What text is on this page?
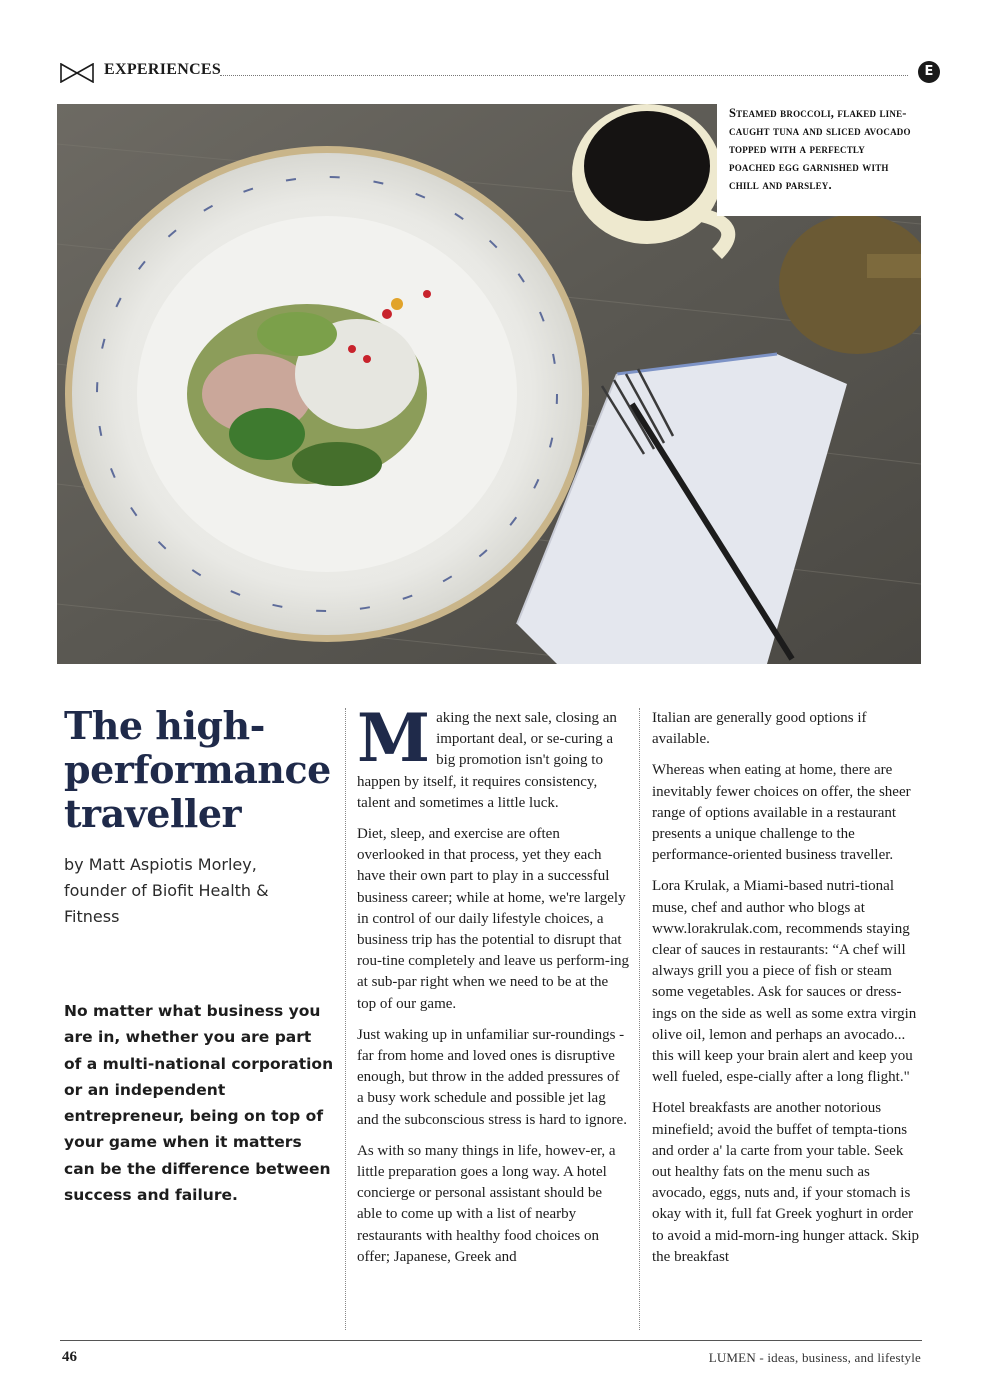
EXPERIENCES	E
Steamed broccoli, flaked line-caught tuna and sliced avocado topped with a perfectly poached egg garnished with chill and parsley.
The high-performance traveller

by Matt Aspiotis Morley, founder of Biofit Health & Fitness

No matter what business you are in, whether you are part of a multi-national corporation or an independent entrepreneur, being on top of your game when it matters can be the difference between success and failure.

Making the next sale, closing an important deal, or se-curing a big promotion isn't going to happen by itself, it requires consistency, talent and sometimes a little luck.

Diet, sleep, and exercise are often overlooked in that process, yet they each have their own part to play in a successful business career; while at home, we're largely in control of our daily lifestyle choices, a business trip has the potential to disrupt that rou-tine completely and leave us perform-ing at sub-par right when we need to be at the top of our game.

Just waking up in unfamiliar sur-roundings - far from home and loved ones is disruptive enough, but throw in the added pressures of a busy work schedule and possible jet lag and the subconscious stress is hard to ignore.

As with so many things in life, howev-er, a little preparation goes a long way. A hotel concierge or personal assistant should be able to come up with a list of nearby restaurants with healthy food choices on offer; Japanese, Greek and

Italian are generally good options if available.

Whereas when eating at home, there are inevitably fewer choices on offer, the sheer range of options available in a restaurant presents a unique challenge to the performance-oriented business traveller.

Lora Krulak, a Miami-based nutri-tional muse, chef and author who blogs at www.lorakrulak.com, recommends staying clear of sauces in restaurants: “A chef will always grill you a piece of fish or steam some vegetables. Ask for sauces or dress-ings on the side as well as some extra virgin olive oil, lemon and perhaps an avocado... this will keep your brain alert and keep you well fueled, espe-cially after a long flight."

Hotel breakfasts are another notorious minefield; avoid the buffet of tempta-tions and order a' la carte from your table. Seek out healthy fats on the menu such as avocado, eggs, nuts and, if your stomach is okay with it, full fat Greek yoghurt in order to avoid a mid-morn-ing hunger attack. Skip the breakfast

46	LUMEN - ideas, business, and lifestyle
